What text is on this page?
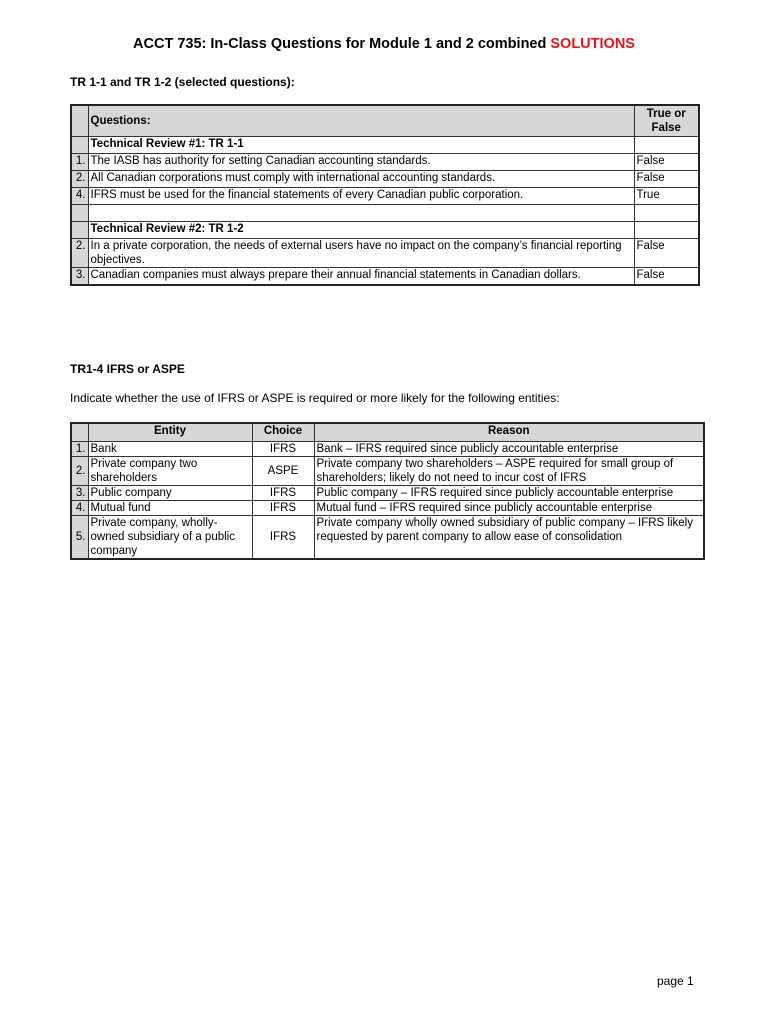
ACCT 735: In-Class Questions for Module 1 and 2 combined SOLUTIONS
TR 1-1 and TR 1-2 (selected questions):
	Questions:	True or
False
	Technical Review #1: TR 1-1	
1.	The IASB has authority for setting Canadian accounting standards.	False
2.	All Canadian corporations must comply with international accounting standards.	False
4.	IFRS must be used for the financial statements of every Canadian public corporation.	True

	Technical Review #2: TR 1-2	
2.	In a private corporation, the needs of external users have no impact on the company’s financial reporting objectives.	False
3.	Canadian companies must always prepare their annual financial statements in Canadian dollars.	False
TR1-4 IFRS or ASPE
Indicate whether the use of IFRS or ASPE is required or more likely for the following entities:
	Entity	Choice	Reason
1.	Bank	IFRS	Bank – IFRS required since publicly accountable enterprise
2.	Private company two shareholders	ASPE	Private company two shareholders – ASPE required for small group of shareholders; likely do not need to incur cost of IFRS
3.	Public company	IFRS	Public company – IFRS required since publicly accountable enterprise
4.	Mutual fund	IFRS	Mutual fund – IFRS required since publicly accountable enterprise
5.	Private company, wholly-owned subsidiary of a public company	IFRS	Private company wholly owned subsidiary of public company – IFRS likely requested by parent company to allow ease of consolidation
page 1
